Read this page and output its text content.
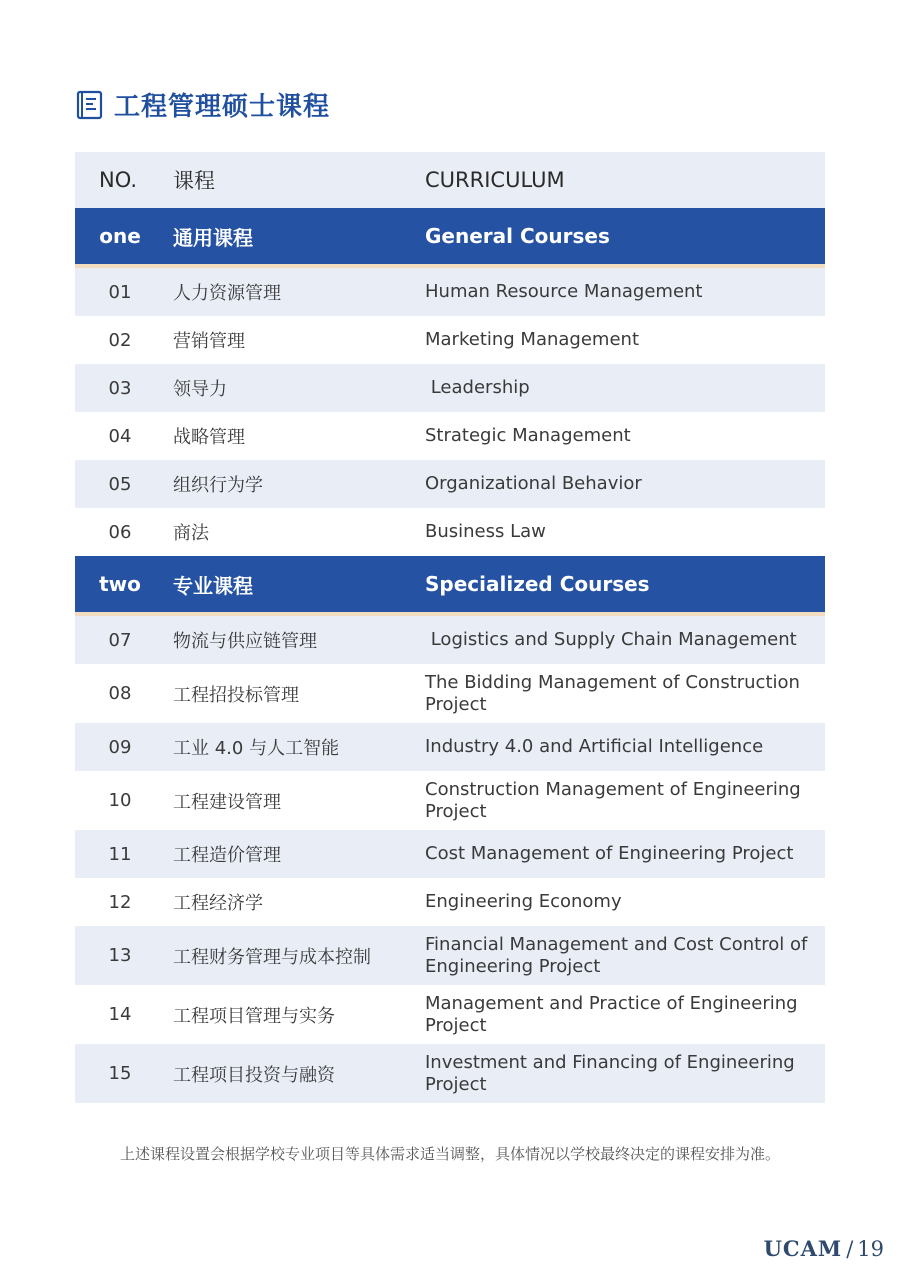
工程管理硕士课程
NO.	课程	CURRICULUM
one	通用课程	General Courses
01	人力资源管理	Human Resource Management
02	营销管理	Marketing Management
03	领导力	Leadership
04	战略管理	Strategic Management
05	组织行为学	Organizational Behavior
06	商法	Business Law
two	专业课程	Specialized Courses
07	物流与供应链管理	Logistics and Supply Chain Management
08	工程招投标管理
The Bidding Management of Construction Project
09	工业 4.0 与人工智能	Industry 4.0 and Artificial Intelligence
10	工程建设管理
Construction Management of Engineering Project
11	工程造价管理	Cost Management of Engineering Project
12	工程经济学	Engineering Economy
13	工程财务管理与成本控制
Financial Management and Cost Control of Engineering Project
14	工程项目管理与实务
Management and Practice of Engineering Project
15	工程项目投资与融资
Investment and Financing of Engineering Project
上述课程设置会根据学校专业项目等具体需求适当调整，具体情况以学校最终决定的课程安排为准。
UCAM / 19
